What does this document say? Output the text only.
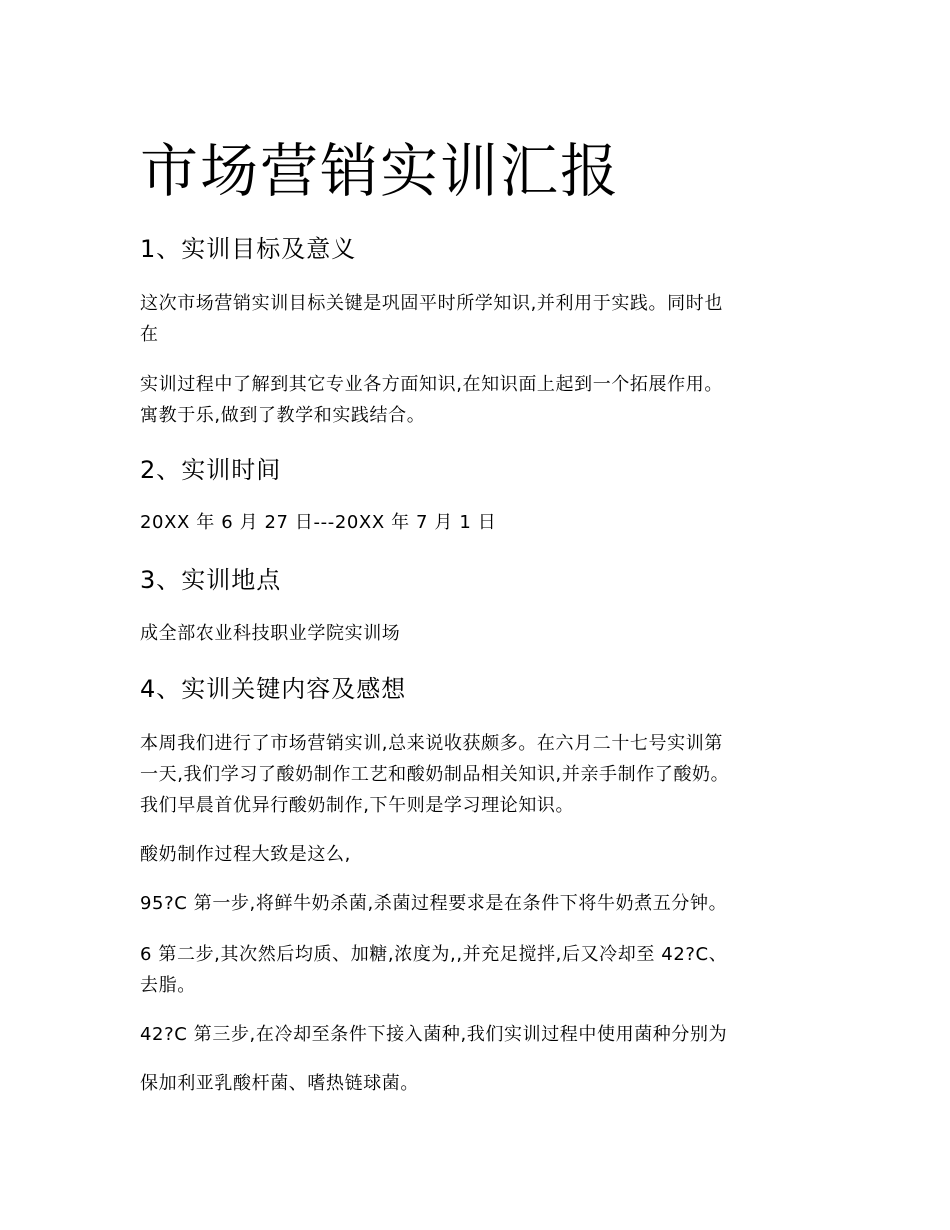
市场营销实训汇报
1、实训目标及意义

这次市场营销实训目标关键是巩固平时所学知识,并利用于实践。同时也
在

实训过程中了解到其它专业各方面知识,在知识面上起到一个拓展作用。
寓教于乐,做到了教学和实践结合。

2、实训时间

20XX 年 6 月 27 日---20XX 年 7 月 1 日

3、实训地点

成全部农业科技职业学院实训场

4、实训关键内容及感想

本周我们进行了市场营销实训,总来说收获颇多。在六月二十七号实训第
一天,我们学习了酸奶制作工艺和酸奶制品相关知识,并亲手制作了酸奶。
我们早晨首优异行酸奶制作,下午则是学习理论知识。

酸奶制作过程大致是这么,

95?C 第一步,将鲜牛奶杀菌,杀菌过程要求是在条件下将牛奶煮五分钟。

6 第二步,其次然后均质、加糖,浓度为,,并充足搅拌,后又冷却至 42?C、
去脂。

42?C 第三步,在冷却至条件下接入菌种,我们实训过程中使用菌种分别为

保加利亚乳酸杆菌、嗜热链球菌。
